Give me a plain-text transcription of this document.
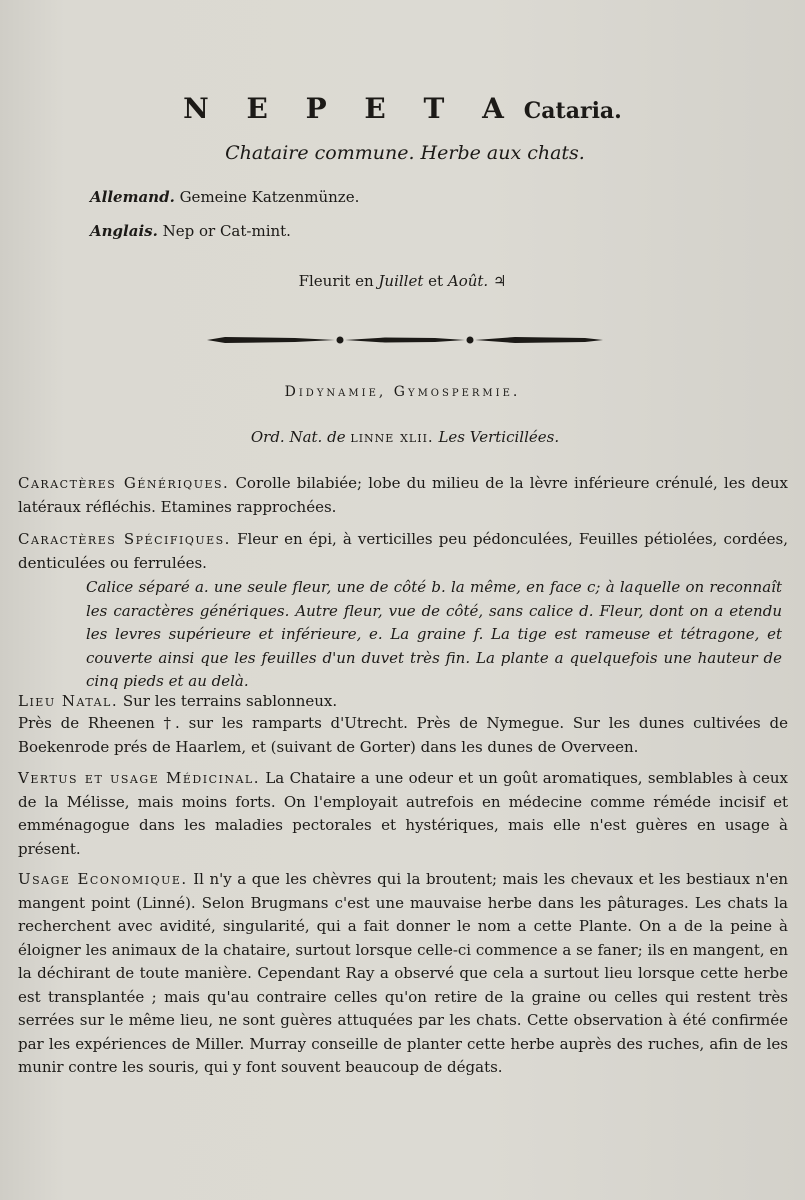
N E P E T A Cataria.
Chataire commune. Herbe aux chats.
Allemand. Gemeine Katzenmünze.
Anglais. Nep or Cat-mint.
Fleurit en Juillet et Août. ♃
Didynamie, Gymospermie.
Ord. Nat. de linne xlii. Les Verticillées.
Caractères Génériques. Corolle bilabiée; lobe du milieu de la lèvre inférieure crénulé, les deux latéraux réfléchis. Etamines rapprochées.
Caractères Spécifiques. Fleur en épi, à verticilles peu pédonculées, Feuilles pétiolées, cordées, denticulées ou ferrulées.
Calice séparé a. une seule fleur, une de côté b. la même, en face c; à laquelle on reconnaît les caractères génériques. Autre fleur, vue de côté, sans calice d. Fleur, dont on a etendu les levres supérieure et inférieure, e. La graine f. La tige est rameuse et tétragone, et couverte ainsi que les feuilles d'un duvet très fin. La plante a quelquefois une hauteur de cinq pieds et au delà.
Lieu Natal. Sur les terrains sablonneux.
Près de Rheenen †. sur les ramparts d'Utrecht. Près de Nymegue. Sur les dunes cultivées de Boekenrode prés de Haarlem, et (suivant de Gorter) dans les dunes de Overveen.
Vertus et usage Médicinal. La Chataire a une odeur et un goût aromatiques, semblables à ceux de la Mélisse, mais moins forts. On l'employait autrefois en médecine comme réméde incisif et emménagogue dans les maladies pectorales et hystériques, mais elle n'est guères en usage à présent.
Usage Economique. Il n'y a que les chèvres qui la broutent; mais les chevaux et les bestiaux n'en mangent point (Linné). Selon Brugmans c'est une mauvaise herbe dans les pâturages. Les chats la recherchent avec avidité, singularité, qui a fait donner le nom a cette Plante. On a de la peine à éloigner les animaux de la chataire, surtout lorsque celle-ci commence a se faner; ils en mangent, en la déchirant de toute manière. Cependant Ray a observé que cela a surtout lieu lorsque cette herbe est transplantée ; mais qu'au contraire celles qu'on retire de la graine ou celles qui restent très serrées sur le même lieu, ne sont guères attuquées par les chats. Cette observation à été confirmée par les expériences de Miller. Murray conseille de planter cette herbe auprès des ruches, afin de les munir contre les souris, qui y font souvent beaucoup de dégats.
